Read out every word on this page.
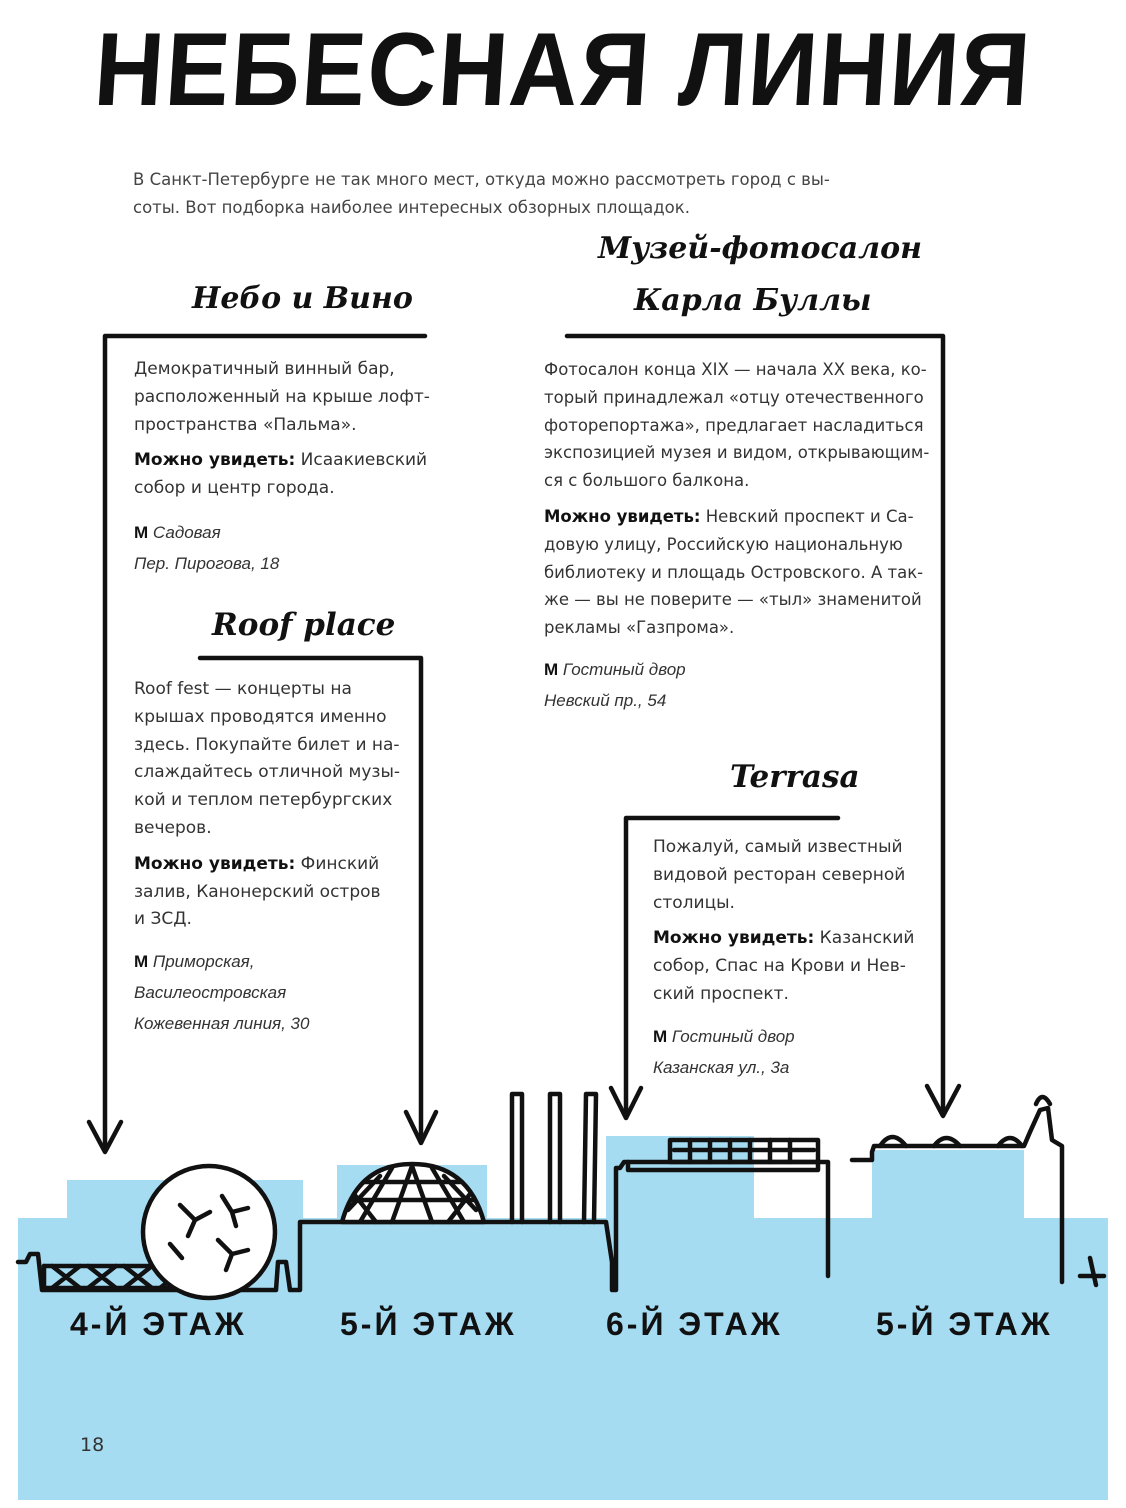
НЕБЕСНАЯ ЛИНИЯ
В Санкт-Петербурге не так много мест, откуда можно рассмотреть город с вы-
соты. Вот подборка наиболее интересных обзорных площадок.
Небо и Вино
Демократичный винный бар,
расположенный на крыше лофт-
пространства «Пальма».
Можно увидеть: Исаакиевский
собор и центр города.
М Садовая
Пер. Пирогова, 18
Roof place
Roof fest — концерты на
крышах проводятся именно
здесь. Покупайте билет и на-
слаждайтесь отличной музы-
кой и теплом петербургских
вечеров.
Можно увидеть: Финский
залив, Канонерский остров
и ЗСД.
М Приморская,
Василеостровская
Кожевенная линия, 30
Музей-фотосалон
Карла Буллы
Фотосалон конца XIX — начала XX века, ко-
торый принадлежал «отцу отечественного
фоторепортажа», предлагает насладиться
экспозицией музея и видом, открывающим-
ся с большого балкона.
Можно увидеть: Невский проспект и Са-
довую улицу, Российскую национальную
библиотеку и площадь Островского. А так-
же — вы не поверите — «тыл» знаменитой
рекламы «Газпрома».
М Гостиный двор
Невский пр., 54
Terrasa
Пожалуй, самый известный
видовой ресторан северной
столицы.
Можно увидеть: Казанский
собор, Спас на Крови и Нев-
ский проспект.
М Гостиный двор
Казанская ул., 3а
4-Й ЭТАЖ	5-Й ЭТАЖ	6-Й ЭТАЖ	5-Й ЭТАЖ
18
